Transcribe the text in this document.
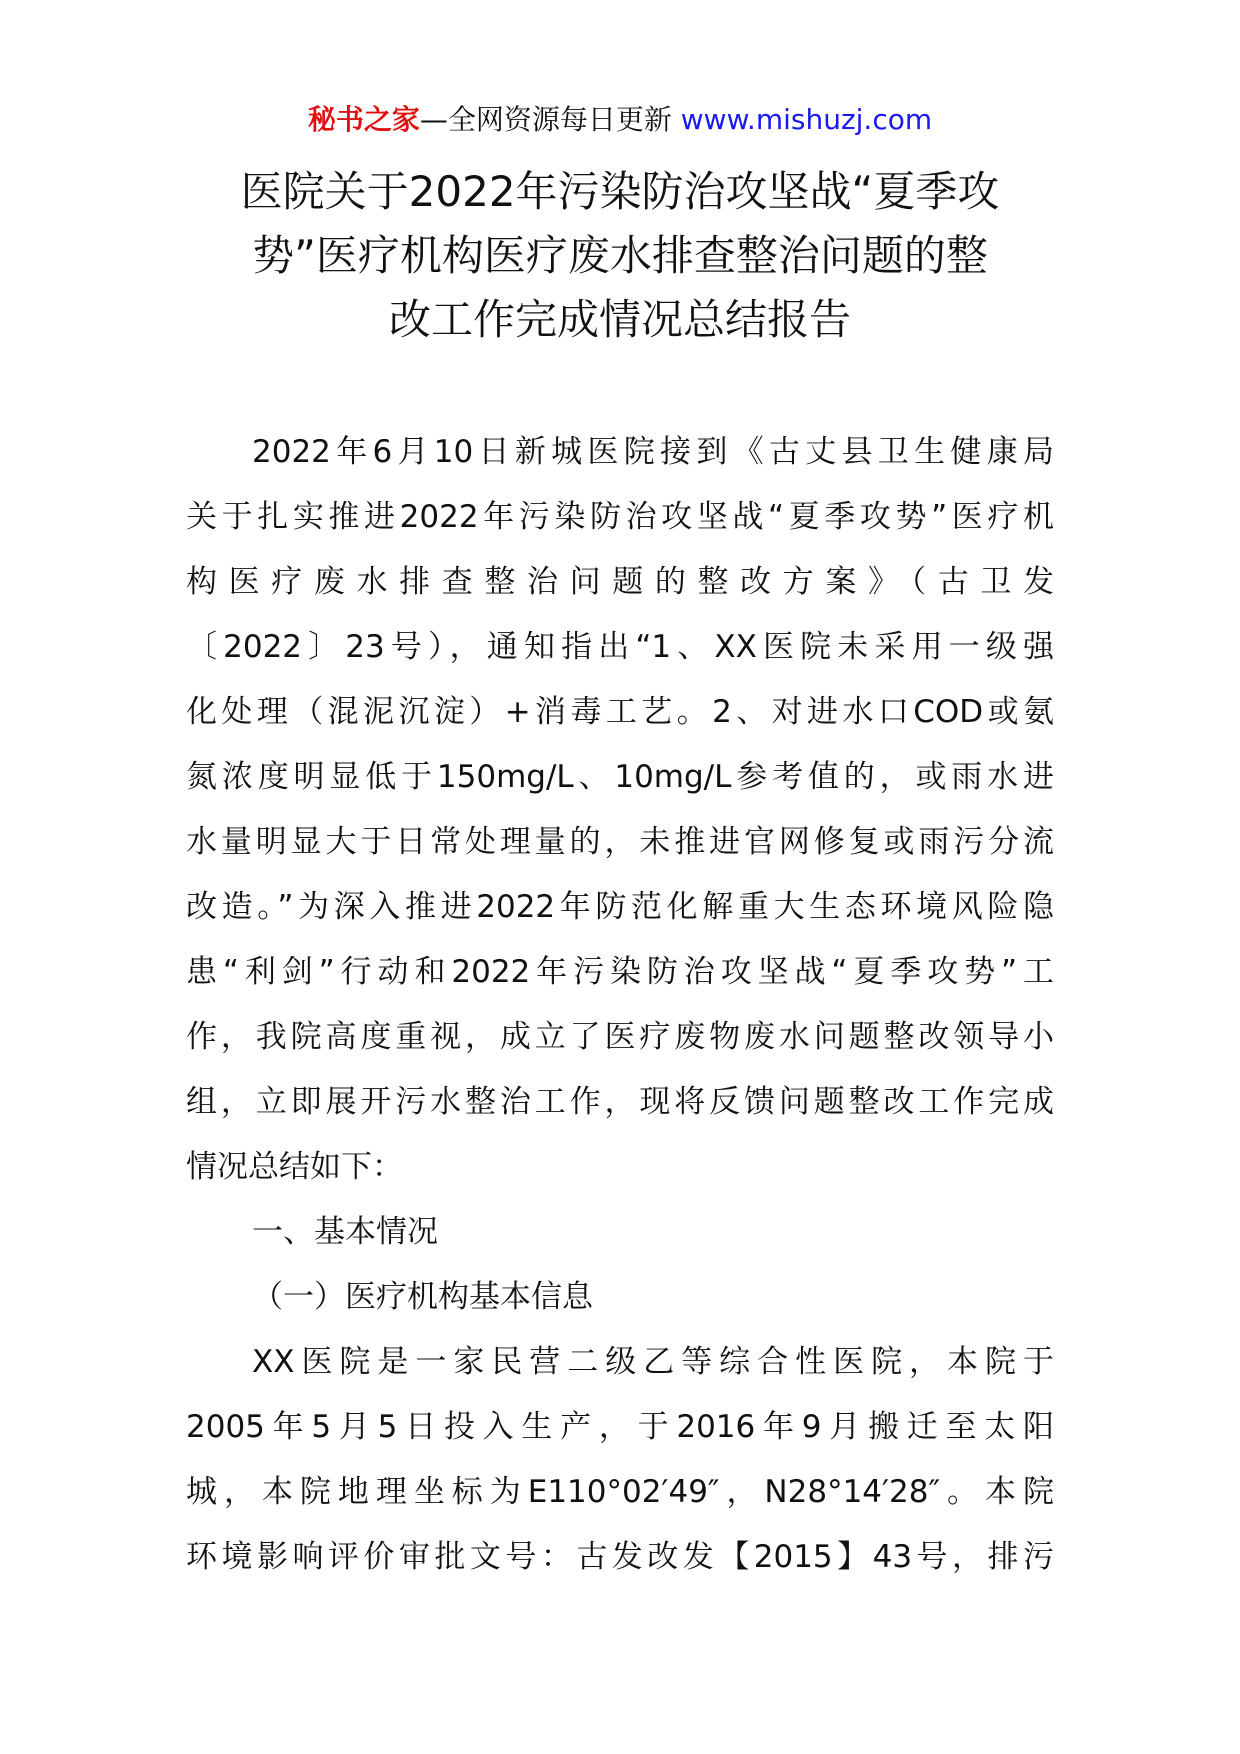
秘书之家—全网资源每日更新 www.mishuzj.com
医院关于2022年污染防治攻坚战“夏季攻
势”医疗机构医疗废水排查整治问题的整
改工作完成情况总结报告

2022年6月10日新城医院接到《古丈县卫生健康局
关于扎实推进2022年污染防治攻坚战“夏季攻势”医疗机
构医疗废水排查整治问题的整改方案》（古卫发
〔2022〕23号），通知指出“1、XX医院未采用一级强
化处理（混泥沉淀）+消毒工艺。2、对进水口COD或氨
氮浓度明显低于150mg/L、10mg/L参考值的，或雨水进
水量明显大于日常处理量的，未推进官网修复或雨污分流
改造。”为深入推进2022年防范化解重大生态环境风险隐
患“利剑”行动和2022年污染防治攻坚战“夏季攻势”工
作，我院高度重视，成立了医疗废物废水问题整改领导小
组，立即展开污水整治工作，现将反馈问题整改工作完成
情况总结如下：

一、基本情况

（一）医疗机构基本信息

XX医院是一家民营二级乙等综合性医院，本院于
2005年5月5日投入生产，于2016年9月搬迁至太阳
城，本院地理坐标为E110°02′49″，N28°14′28″。本院
环境影响评价审批文号：古发改发【2015】43号，排污
